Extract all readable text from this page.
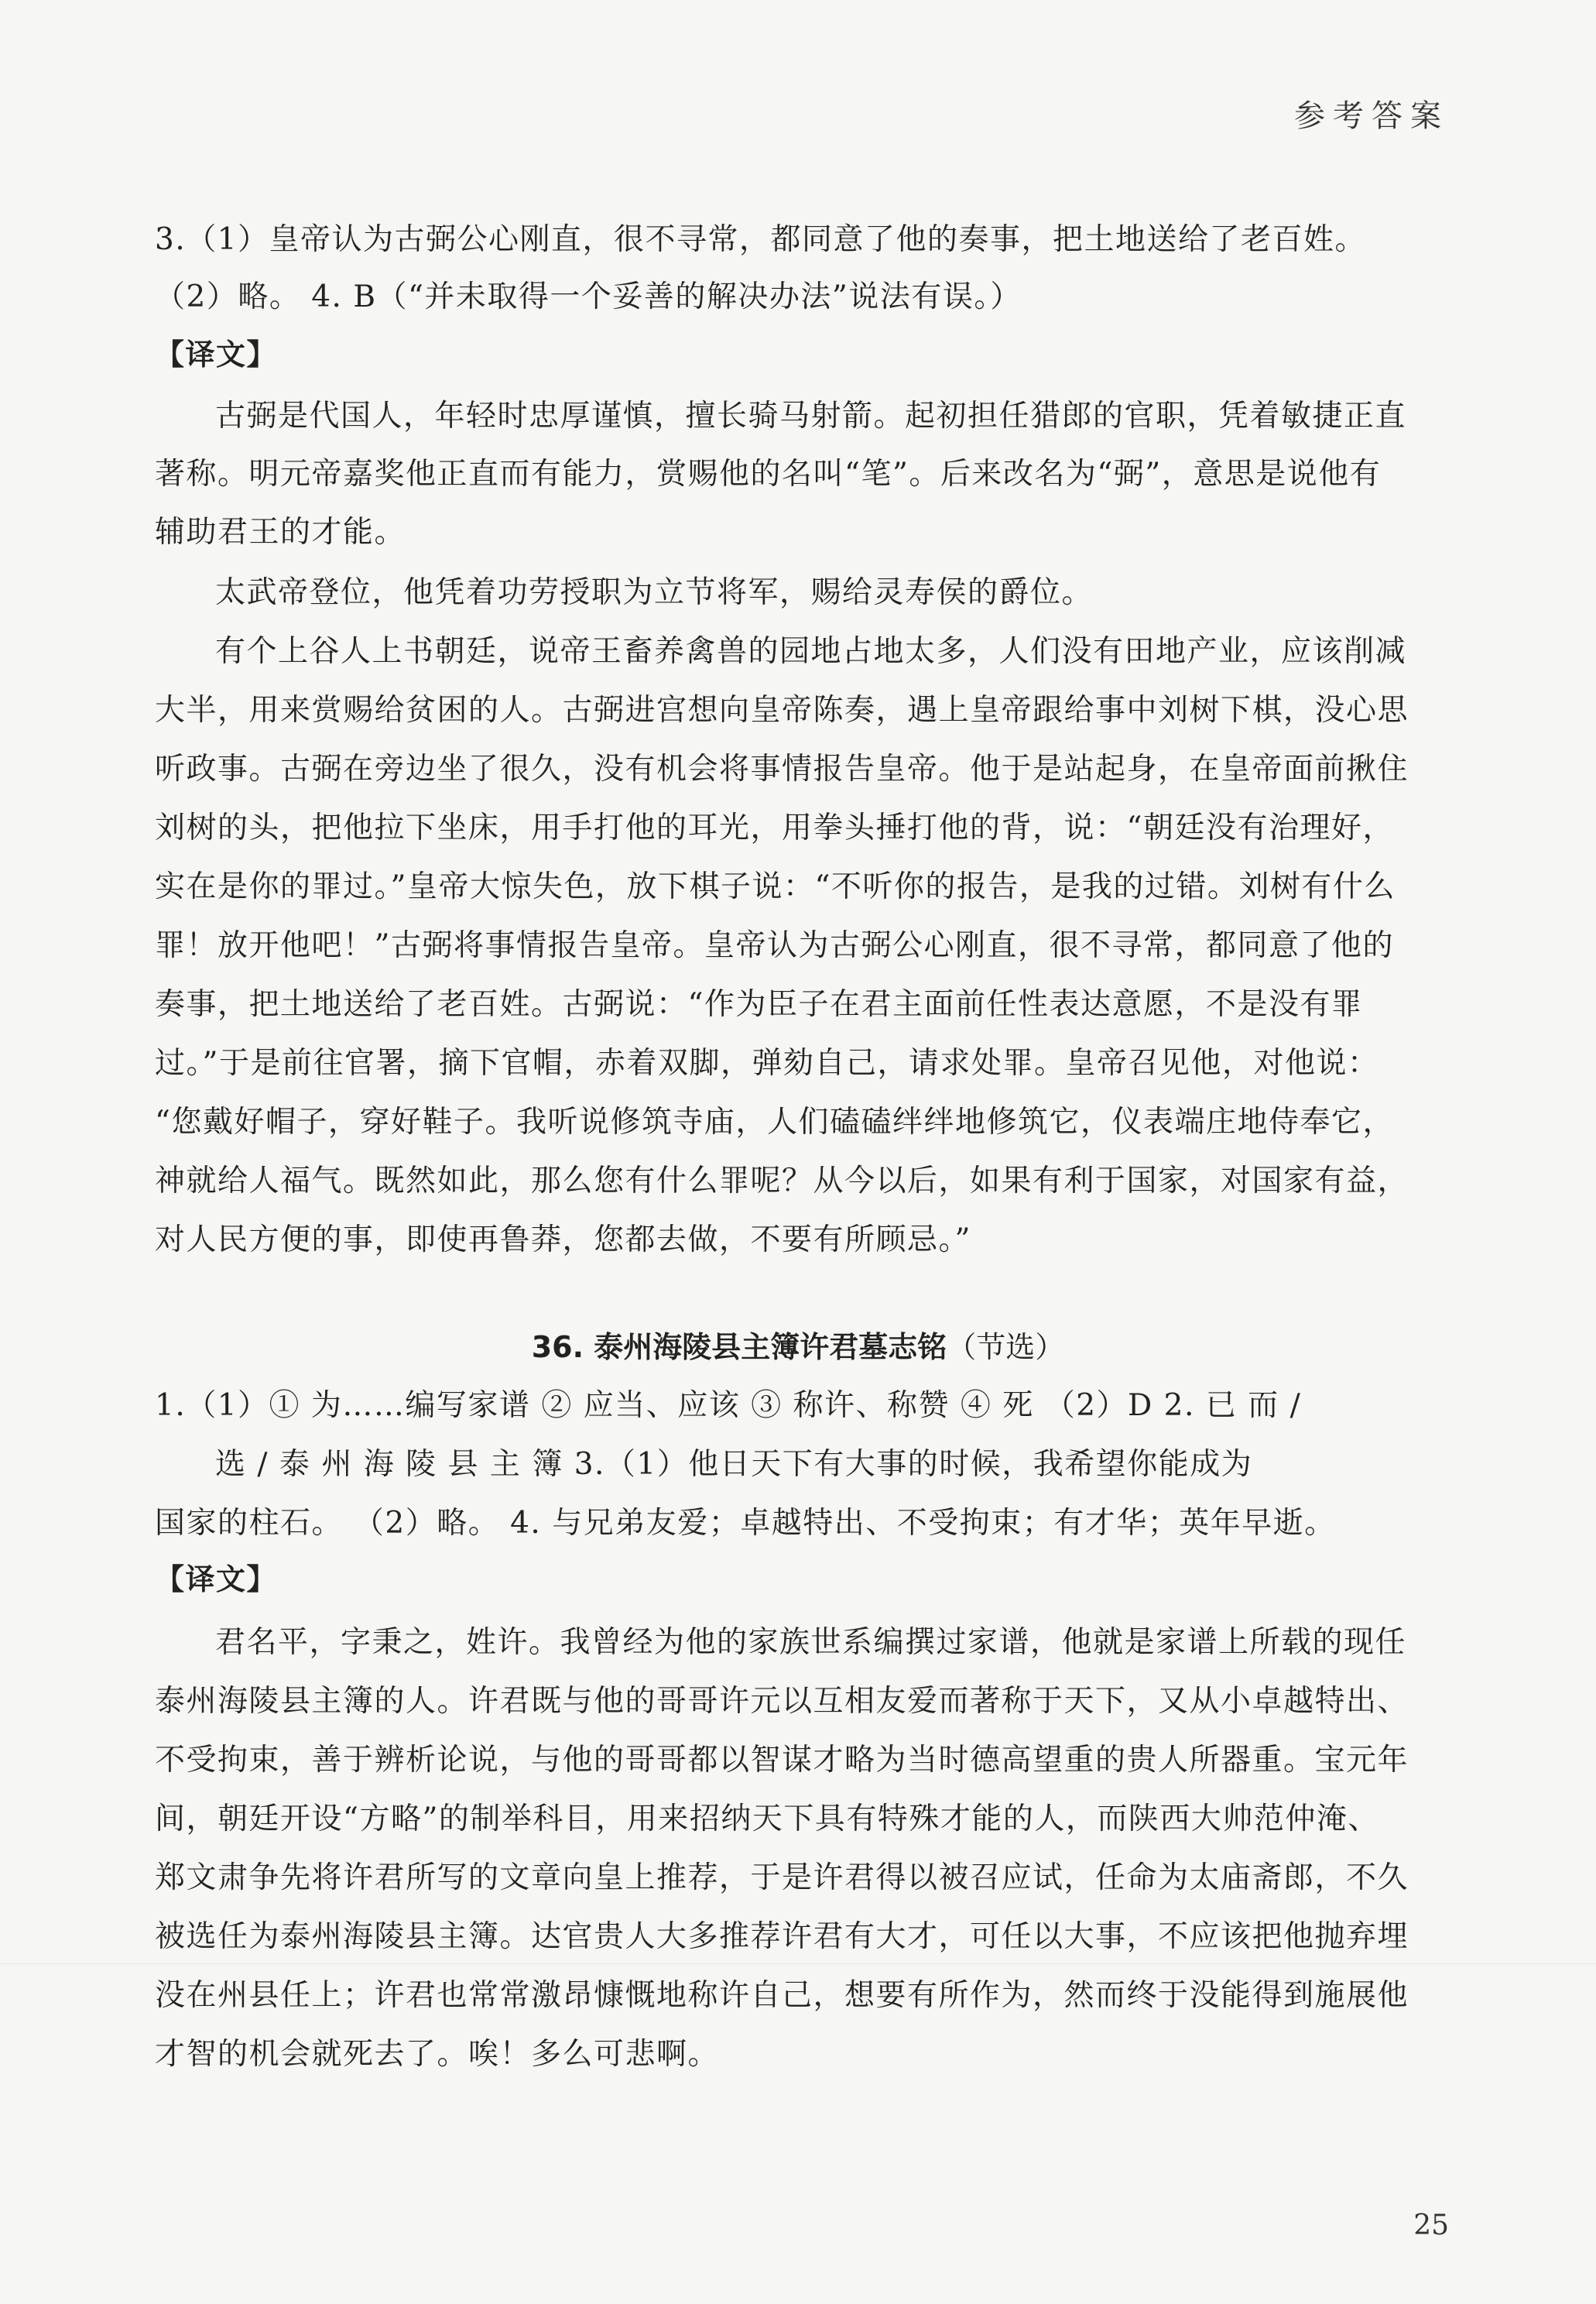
参考答案
3.（1）皇帝认为古弼公心刚直，很不寻常，都同意了他的奏事，把土地送给了老百姓。
（2）略。 4. B（“并未取得一个妥善的解决办法”说法有误。）
【译文】
古弼是代国人，年轻时忠厚谨慎，擅长骑马射箭。起初担任猎郎的官职，凭着敏捷正直
著称。明元帝嘉奖他正直而有能力，赏赐他的名叫“笔”。后来改名为“弼”，意思是说他有
辅助君王的才能。
太武帝登位，他凭着功劳授职为立节将军，赐给灵寿侯的爵位。
有个上谷人上书朝廷，说帝王畜养禽兽的园地占地太多，人们没有田地产业，应该削减
大半，用来赏赐给贫困的人。古弼进宫想向皇帝陈奏，遇上皇帝跟给事中刘树下棋，没心思
听政事。古弼在旁边坐了很久，没有机会将事情报告皇帝。他于是站起身，在皇帝面前揪住
刘树的头，把他拉下坐床，用手打他的耳光，用拳头捶打他的背，说：“朝廷没有治理好，
实在是你的罪过。”皇帝大惊失色，放下棋子说：“不听你的报告，是我的过错。刘树有什么
罪！放开他吧！”古弼将事情报告皇帝。皇帝认为古弼公心刚直，很不寻常，都同意了他的
奏事，把土地送给了老百姓。古弼说：“作为臣子在君主面前任性表达意愿，不是没有罪
过。”于是前往官署，摘下官帽，赤着双脚，弹劾自己，请求处罪。皇帝召见他，对他说：
“您戴好帽子，穿好鞋子。我听说修筑寺庙，人们磕磕绊绊地修筑它，仪表端庄地侍奉它，
神就给人福气。既然如此，那么您有什么罪呢？从今以后，如果有利于国家，对国家有益，
对人民方便的事，即使再鲁莽，您都去做，不要有所顾忌。”
36. 泰州海陵县主簿许君墓志铭（节选）
1.（1）① 为……编写家谱 ② 应当、应该 ③ 称许、称赞 ④ 死 （2）D 2. 已 而 /
选 / 泰 州 海 陵 县 主 簿 3.（1）他日天下有大事的时候，我希望你能成为
国家的柱石。 （2）略。 4. 与兄弟友爱；卓越特出、不受拘束；有才华；英年早逝。
【译文】
君名平，字秉之，姓许。我曾经为他的家族世系编撰过家谱，他就是家谱上所载的现任
泰州海陵县主簿的人。许君既与他的哥哥许元以互相友爱而著称于天下，又从小卓越特出、
不受拘束，善于辨析论说，与他的哥哥都以智谋才略为当时德高望重的贵人所器重。宝元年
间，朝廷开设“方略”的制举科目，用来招纳天下具有特殊才能的人，而陕西大帅范仲淹、
郑文肃争先将许君所写的文章向皇上推荐，于是许君得以被召应试，任命为太庙斋郎，不久
被选任为泰州海陵县主簿。达官贵人大多推荐许君有大才，可任以大事，不应该把他抛弃埋
没在州县任上；许君也常常激昂慷慨地称许自己，想要有所作为，然而终于没能得到施展他
才智的机会就死去了。唉！多么可悲啊。
25
